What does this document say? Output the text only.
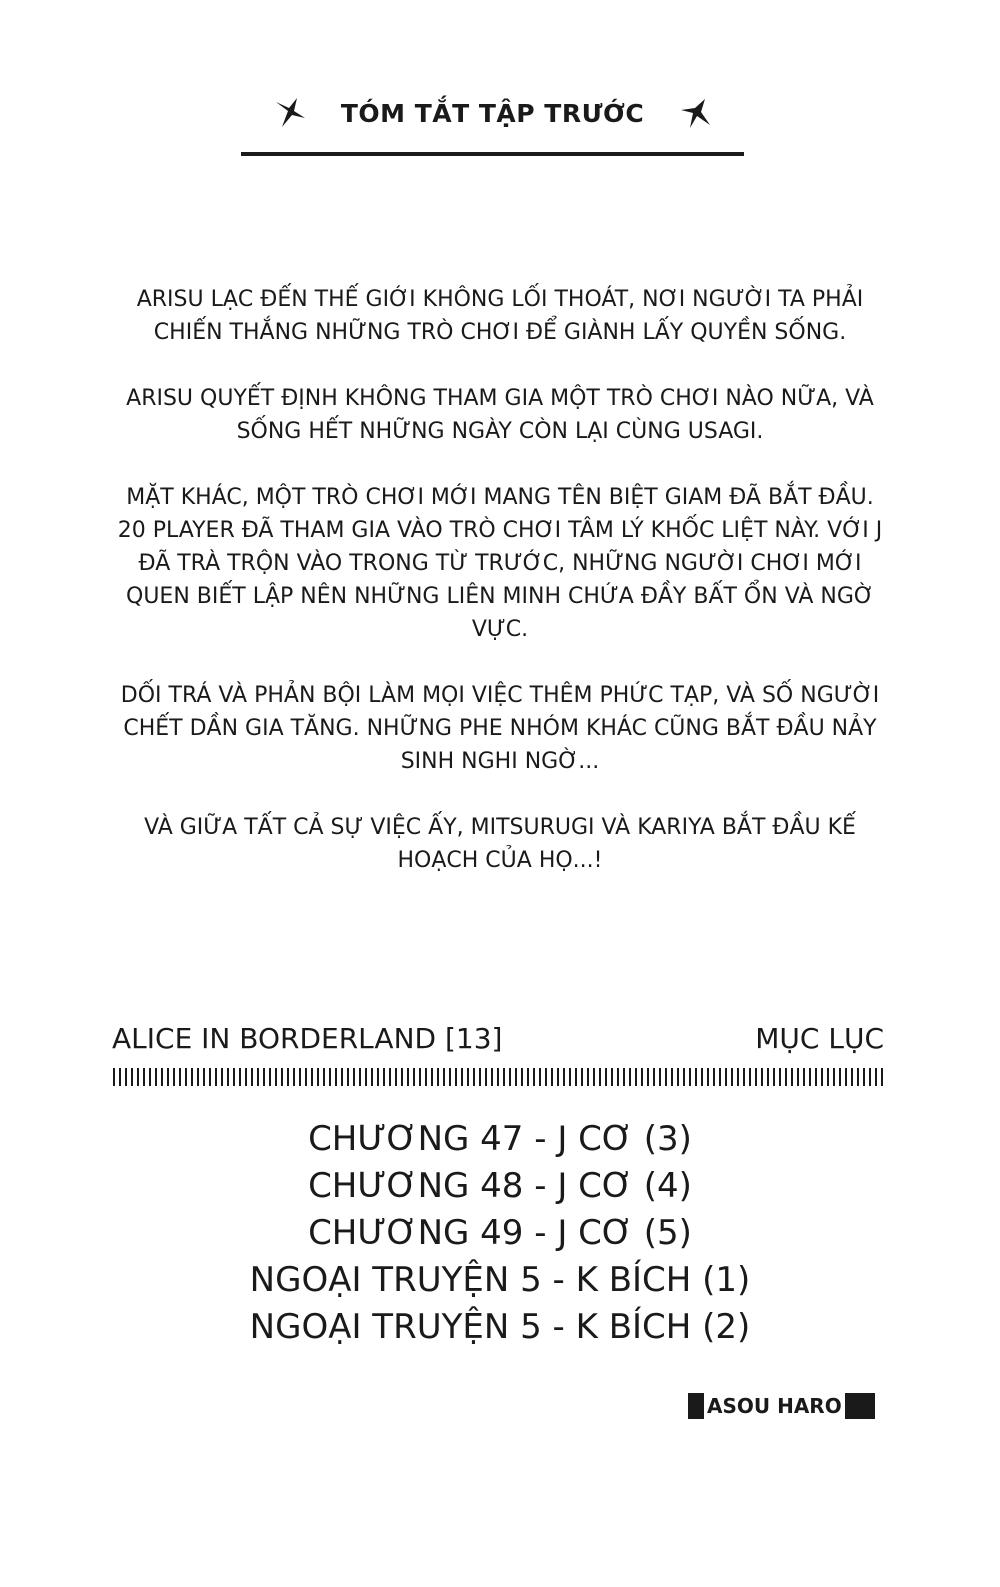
TÓM TẮT TẬP TRƯỚC

ARISU LẠC ĐẾN THẾ GIỚI KHÔNG LỐI THOÁT, NƠI NGƯỜI TA PHẢI CHIẾN THẮNG NHỮNG TRÒ CHƠI ĐỂ GIÀNH LẤY QUYỀN SỐNG.

ARISU QUYẾT ĐỊNH KHÔNG THAM GIA MỘT TRÒ CHƠI NÀO NỮA, VÀ SỐNG HẾT NHỮNG NGÀY CÒN LẠI CÙNG USAGI.

MẶT KHÁC, MỘT TRÒ CHƠI MỚI MANG TÊN BIỆT GIAM ĐÃ BẮT ĐẦU. 20 PLAYER ĐÃ THAM GIA VÀO TRÒ CHƠI TÂM LÝ KHỐC LIỆT NÀY. VỚI J ĐÃ TRÀ TRỘN VÀO TRONG TỪ TRƯỚC, NHỮNG NGƯỜI CHƠI MỚI QUEN BIẾT LẬP NÊN NHỮNG LIÊN MINH CHỨA ĐẦY BẤT ỔN VÀ NGỜ VỰC.

DỐI TRÁ VÀ PHẢN BỘI LÀM MỌI VIỆC THÊM PHỨC TẠP, VÀ SỐ NGƯỜI CHẾT DẦN GIA TĂNG. NHỮNG PHE NHÓM KHÁC CŨNG BẮT ĐẦU NẢY SINH NGHI NGỜ...

VÀ GIỮA TẤT CẢ SỰ VIỆC ẤY, MITSURUGI VÀ KARIYA BẮT ĐẦU KẾ HOẠCH CỦA HỌ...!

ALICE IN BORDERLAND [13]	MỤC LỤC
CHƯƠNG 47 - J CƠ (3)
CHƯƠNG 48 - J CƠ (4)
CHƯƠNG 49 - J CƠ (5)
NGOẠI TRUYỆN 5 - K BÍCH (1)
NGOẠI TRUYỆN 5 - K BÍCH (2)
ASOU HARO
